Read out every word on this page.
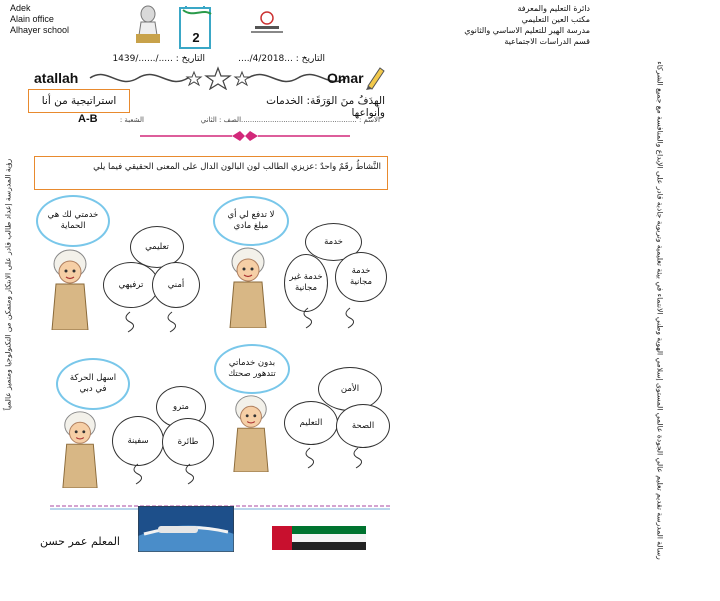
رؤية المدرسة إعداد طالب قادر على الابتكار ومتمكن من التكنولوجيا ومتميز عالمياً	رسالة المدرسة تقديم تعليم عالي الجودة عالمي المستوى إسلامي الهوية وطني الانتماء في بيئة تعليمية وتربوية جاذبة قادر على الإبداع والمنافسة مع جميع الشركاء
Adek
Alain office
Alhayer school	2
دائرة التعليم والمعرفة
مكتب العين التعليمي
مدرسة الهير للتعليم الاساسي والثانوي
قسم الدراسات الاجتماعية
التاريخ : ...../....../1439	التاريخ : ...4/2018/....
atallah	Omar
استراتيجية من أنا	الهدَفُ منَ الوَرَقَة: الخدمات وأنواعها
الاسم : ....................................................الصف : الثاني
الشعبة :
A-B
النَّشاطُ رقَمٌ واحدٌ :عزيزي الطالب لون البالون الدال على المعنى الحقيقي فيما يلي
لا تدفع لي أي مبلغ مادي
خدمة
خدمة غير مجانية
خدمة مجانية
خدمتي لك هي الحماية
تعليمي
ترفيهي	أمني
بدون خدماتي تتدهور صحتك
الأمن
التعليم	الصحة
اسهل الحركة في دبي
مترو
سفينة	طائرة
المعلم عمر حسن
